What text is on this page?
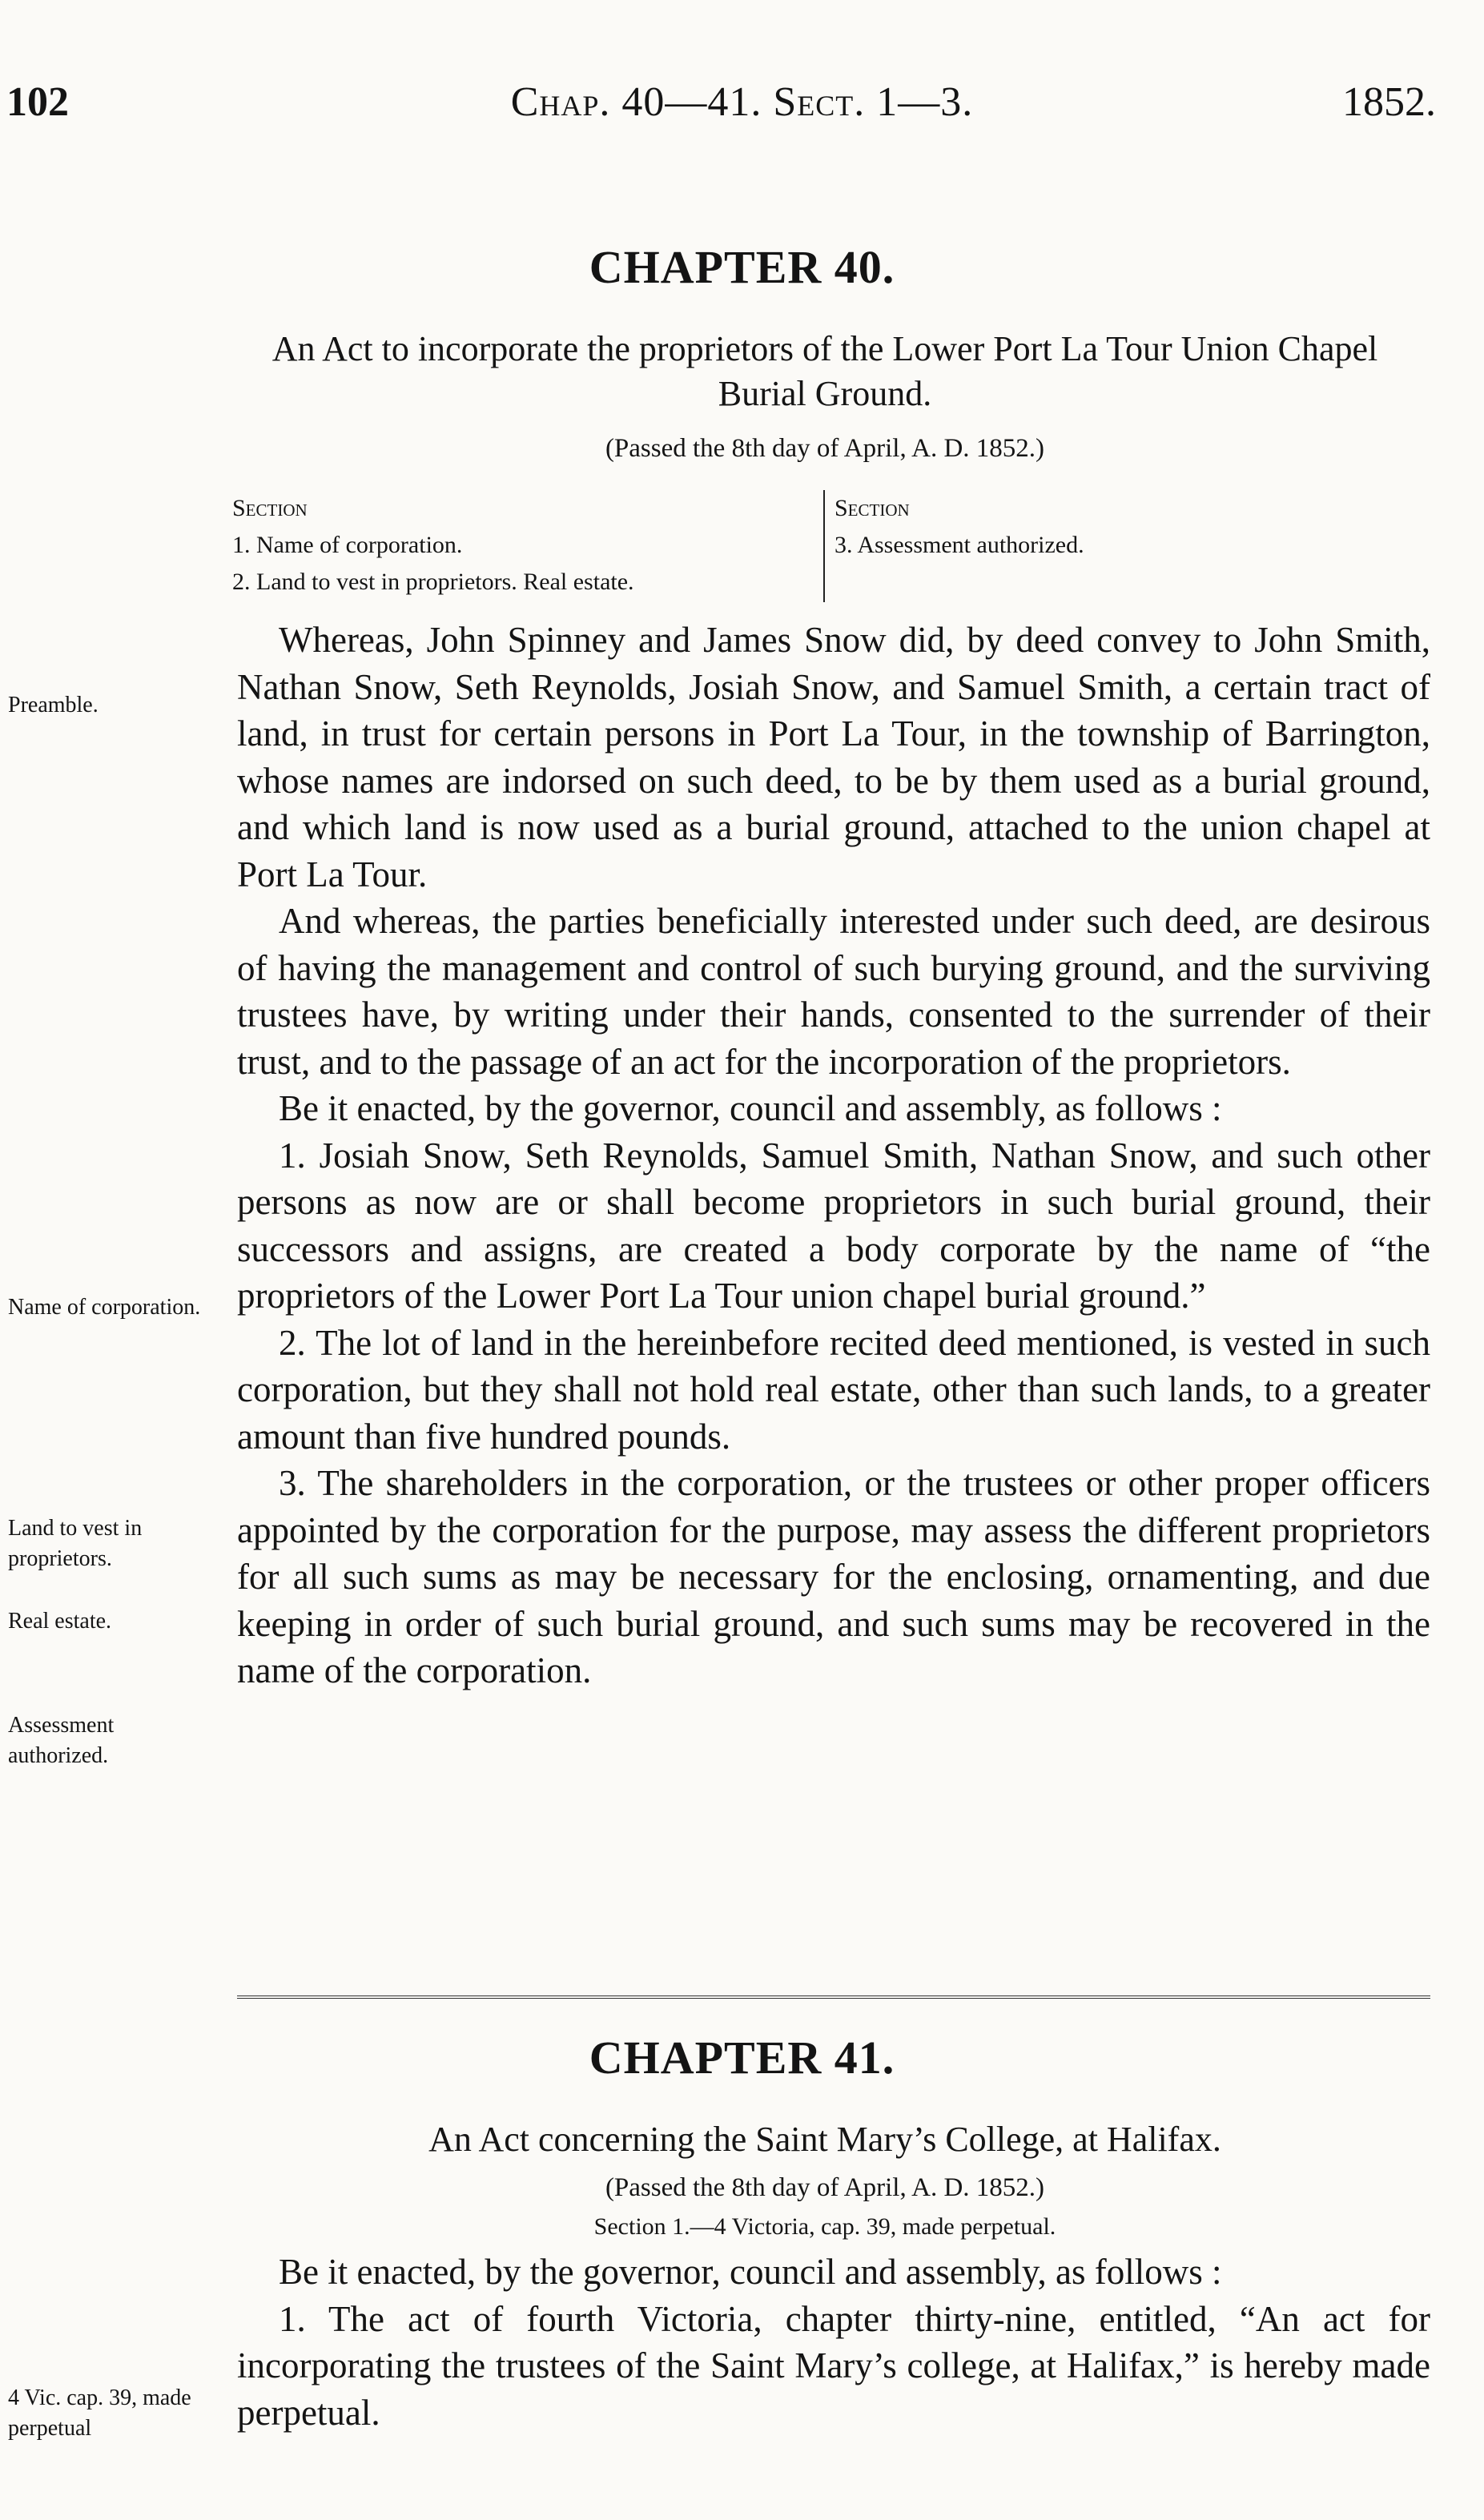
102	Chap. 40—41. Sect. 1—3.	1852.
CHAPTER 40.
An Act to incorporate the proprietors of the Lower Port La Tour Union Chapel Burial Ground.
(Passed the 8th day of April, A. D. 1852.)
Section
1. Name of corporation.
2. Land to vest in proprietors. Real estate.
Section
3. Assessment authorized.

Whereas, John Spinney and James Snow did, by deed convey to John Smith, Nathan Snow, Seth Reynolds, Josiah Snow, and Samuel Smith, a certain tract of land, in trust for certain persons in Port La Tour, in the township of Barrington, whose names are indorsed on such deed, to be by them used as a burial ground, and which land is now used as a burial ground, attached to the union chapel at Port La Tour.

And whereas, the parties beneficially interested under such deed, are desirous of having the management and control of such burying ground, and the surviving trustees have, by writing under their hands, consented to the surrender of their trust, and to the passage of an act for the incorporation of the proprietors.

Be it enacted, by the governor, council and assembly, as follows :

1. Josiah Snow, Seth Reynolds, Samuel Smith, Nathan Snow, and such other persons as now are or shall become proprietors in such burial ground, their successors and assigns, are created a body corporate by the name of “the proprietors of the Lower Port La Tour union chapel burial ground.”

2. The lot of land in the hereinbefore recited deed mentioned, is vested in such corporation, but they shall not hold real estate, other than such lands, to a greater amount than five hundred pounds.

3. The shareholders in the corporation, or the trustees or other proper officers appointed by the corporation for the purpose, may assess the different proprietors for all such sums as may be necessary for the enclosing, ornamenting, and due keeping in order of such burial ground, and such sums may be recovered in the name of the corporation.

Preamble.
Name of corporation.
Land to vest in proprietors.
Real estate.
Assessment authorized.
CHAPTER 41.
An Act concerning the Saint Mary’s College, at Halifax.
(Passed the 8th day of April, A. D. 1852.)
Section 1.—4 Victoria, cap. 39, made perpetual.

Be it enacted, by the governor, council and assembly, as follows :

1. The act of fourth Victoria, chapter thirty-nine, entitled, “An act for incorporating the trustees of the Saint Mary’s college, at Halifax,” is hereby made perpetual.

4 Vic. cap. 39, made perpetual
